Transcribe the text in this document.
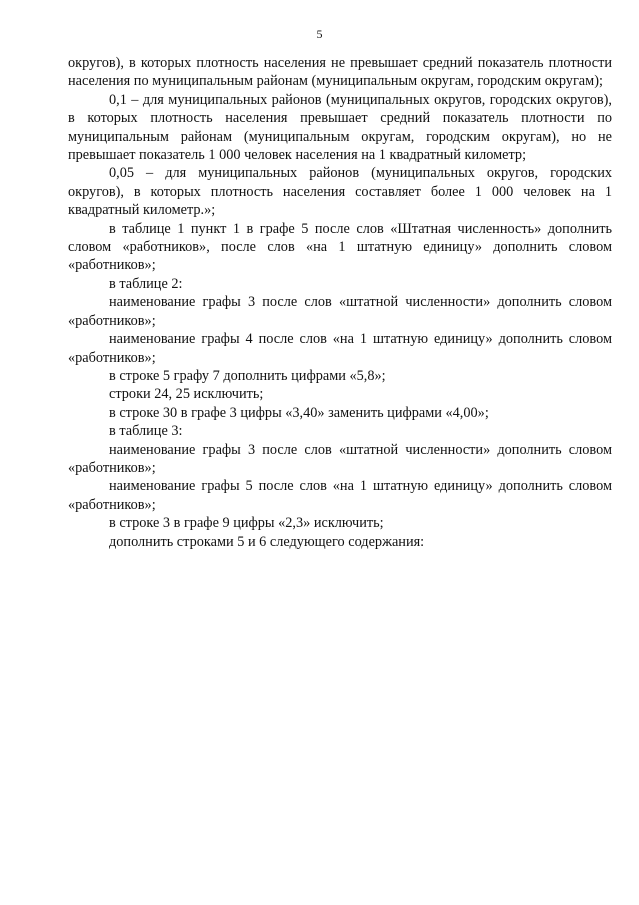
5

округов), в которых плотность населения не превышает средний показатель плотности населения по муниципальным районам (муниципальным округам, городским округам);

0,1 – для муниципальных районов (муниципальных округов, городских округов), в которых плотность населения превышает средний показатель плотности по муниципальным районам (муниципальным округам, городским округам), но не превышает показатель 1 000 человек населения на 1 квадратный километр;

0,05 – для муниципальных районов (муниципальных округов, городских округов), в которых плотность населения составляет более 1 000 человек на 1 квадратный километр.»;

в таблице 1 пункт 1 в графе 5 после слов «Штатная численность» дополнить словом «работников», после слов «на 1 штатную единицу» дополнить словом «работников»;

в таблице 2:

наименование графы 3 после слов «штатной численности» дополнить словом «работников»;

наименование графы 4 после слов «на 1 штатную единицу» дополнить словом «работников»;

в строке 5 графу 7 дополнить цифрами «5,8»;

строки 24, 25 исключить;

в строке 30 в графе 3 цифры «3,40» заменить цифрами «4,00»;

в таблице 3:

наименование графы 3 после слов «штатной численности» дополнить словом «работников»;

наименование графы 5 после слов «на 1 штатную единицу» дополнить словом «работников»;

в строке 3 в графе 9 цифры «2,3» исключить;

дополнить строками 5 и 6 следующего содержания:
